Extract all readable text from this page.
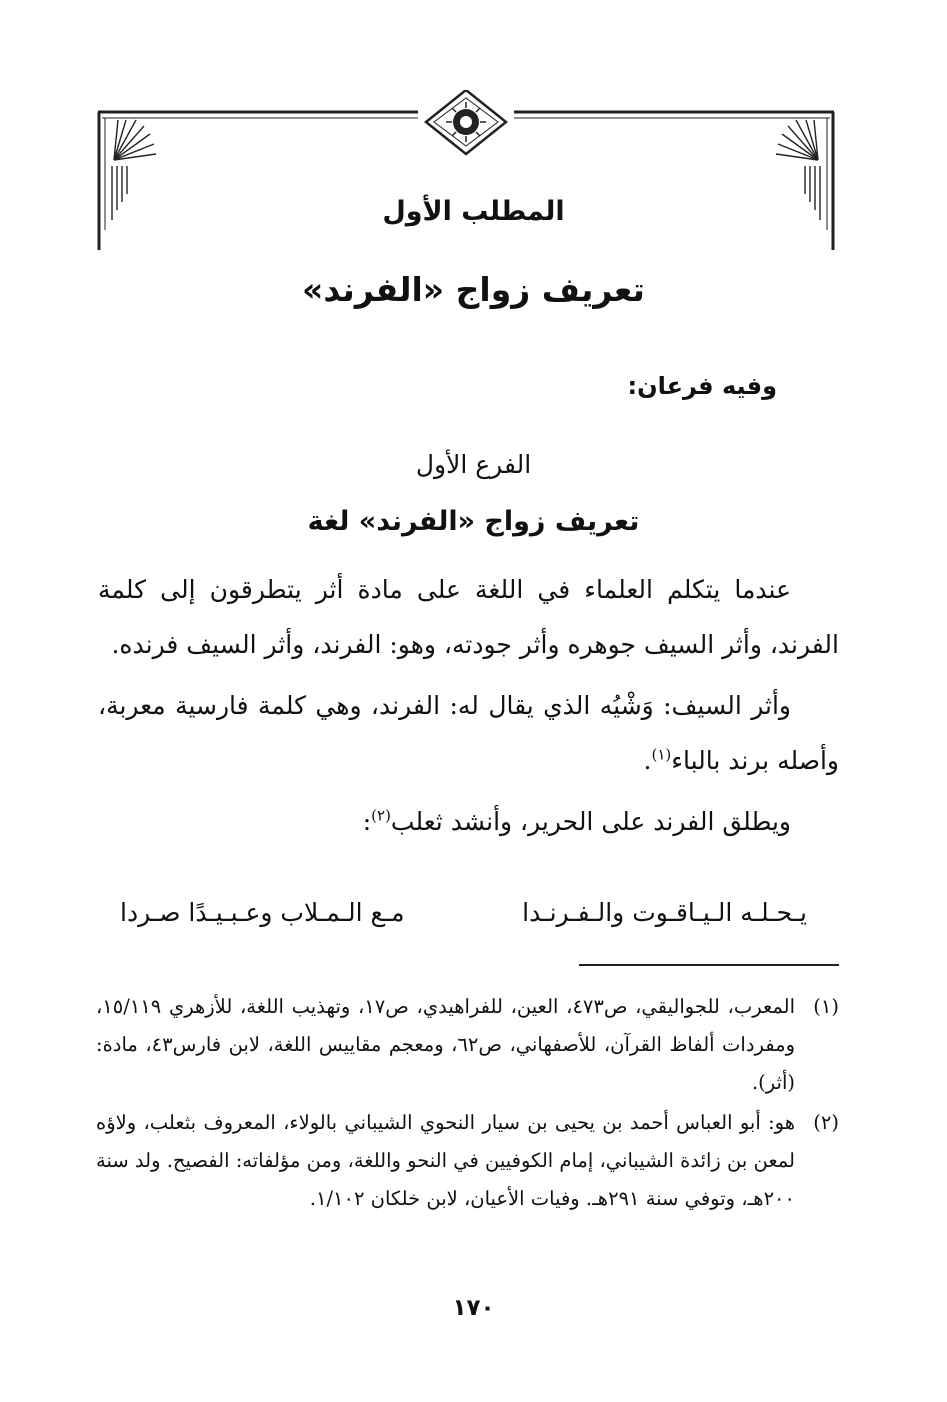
المطلب الأول
تعريف زواج «الفرند»
وفيه فرعان:
الفرع الأول
تعريف زواج «الفرند» لغة

عندما يتكلم العلماء في اللغة على مادة أثر يتطرقون إلى كلمة الفرند، وأثر السيف جوهره وأثر جودته، وهو: الفرند، وأثر السيف فرنده.

وأثر السيف: وَشْيُه الذي يقال له: الفرند، وهي كلمة فارسية معربة، وأصله برند بالباء$^{(١)}$.

ويطلق الفرند على الحرير، وأنشد ثعلب$^{(٢)}$:

يـحـلـه الـيـاقـوت والـفـرنـدا
مـع الـمـلاب وعـبـيـدًا صـردا
(١)
المعرب، للجواليقي، ص٤٧٣، العين، للفراهيدي، ص١٧، وتهذيب اللغة، للأزهري ١٥/١١٩، ومفردات ألفاظ القرآن، للأصفهاني، ص٦٢، ومعجم مقاييس اللغة، لابن فارس٤٣، مادة: (أثر).
(٢)
هو: أبو العباس أحمد بن يحيى بن سيار النحوي الشيباني بالولاء، المعروف بثعلب، ولاؤه لمعن بن زائدة الشيباني، إمام الكوفيين في النحو واللغة، ومن مؤلفاته: الفصيح. ولد سنة ٢٠٠هـ، وتوفي سنة ٢٩١هـ. وفيات الأعيان، لابن خلكان ١/١٠٢.
١٧٠
